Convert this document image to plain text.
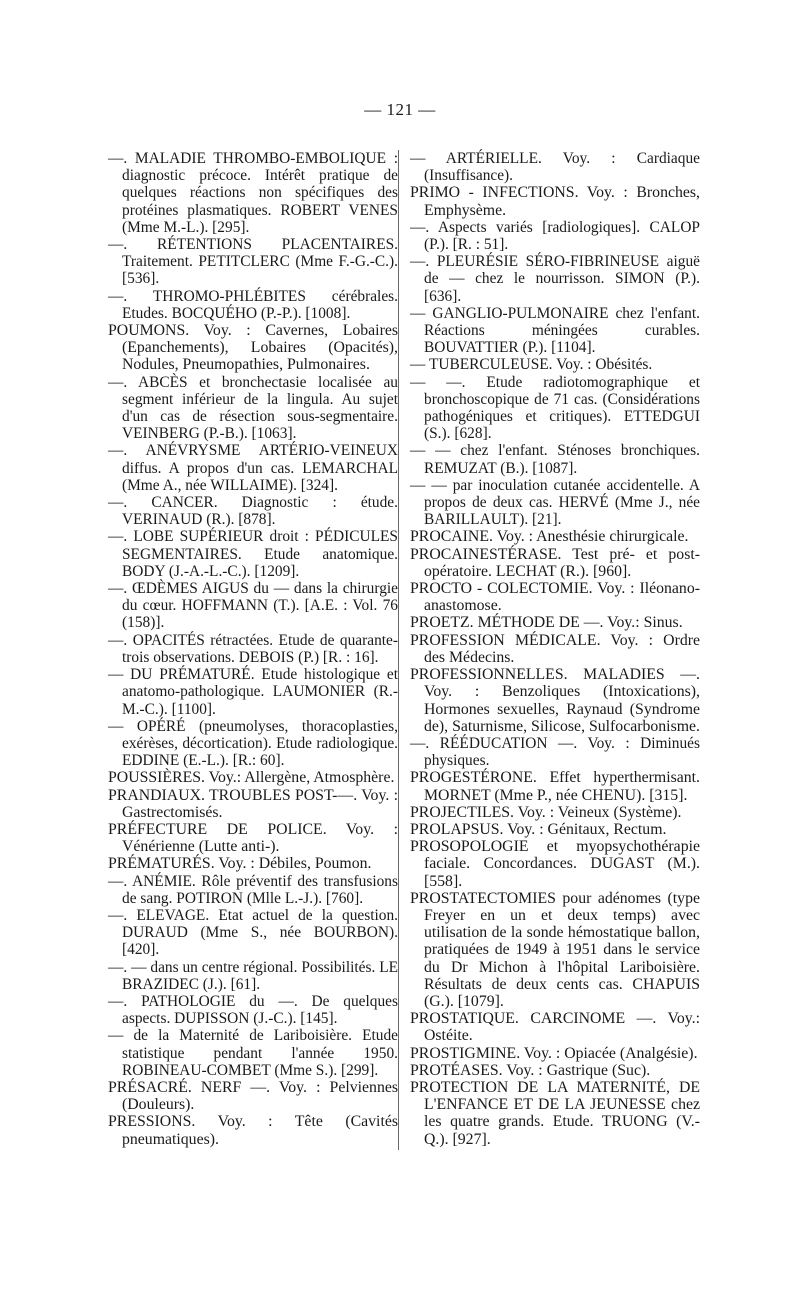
— 121 —

—. MALADIE THROMBO-EMBOLIQUE : diagnostic précoce. Intérêt pratique de quelques réactions non spécifiques des protéines plasmatiques. ROBERT VENES (Mme M.-L.). [295].

—. RÉTENTIONS PLACENTAIRES. Traitement. PETITCLERC (Mme F.-G.-C.). [536].

—. THROMO-PHLÉBITES cérébrales. Etudes. BOCQUÉHO (P.-P.). [1008].

POUMONS. Voy. : Cavernes, Lobaires (Epanchements), Lobaires (Opacités), Nodules, Pneumopathies, Pulmonaires.

—. ABCÈS et bronchectasie localisée au segment inférieur de la lingula. Au sujet d'un cas de résection sous-segmentaire. VEINBERG (P.-B.). [1063].

—. ANÉVRYSME ARTÉRIO-VEINEUX diffus. A propos d'un cas. LEMARCHAL (Mme A., née WILLAIME). [324].

—. CANCER. Diagnostic : étude. VERINAUD (R.). [878].

—. LOBE SUPÉRIEUR droit : PÉDICULES SEGMENTAIRES. Etude anatomique. BODY (J.-A.-L.-C.). [1209].

—. ŒDÈMES AIGUS du — dans la chirurgie du cœur. HOFFMANN (T.). [A.E. : Vol. 76 (158)].

—. OPACITÉS rétractées. Etude de quarante-trois observations. DEBOIS (P.) [R. : 16].

— DU PRÉMATURÉ. Etude histologique et anatomo-pathologique. LAUMONIER (R.-M.-C.). [1100].

— OPÉRÉ (pneumolyses, thoracoplasties, exérèses, décortication). Etude radiologique. EDDINE (E.-L.). [R.: 60].

POUSSIÈRES. Voy.: Allergène, Atmosphère.

PRANDIAUX. TROUBLES POST-—. Voy. : Gastrectomisés.

PRÉFECTURE DE POLICE. Voy. : Vénérienne (Lutte anti-).

PRÉMATURÉS. Voy. : Débiles, Poumon.

—. ANÉMIE. Rôle préventif des transfusions de sang. POTIRON (Mlle L.-J.). [760].

—. ELEVAGE. Etat actuel de la question. DURAUD (Mme S., née BOURBON). [420].

—. — dans un centre régional. Possibilités. LE BRAZIDEC (J.). [61].

—. PATHOLOGIE du —. De quelques aspects. DUPISSON (J.-C.). [145].

— de la Maternité de Lariboisière. Etude statistique pendant l'année 1950. ROBINEAU-COMBET (Mme S.). [299].

PRÉSACRÉ. NERF —. Voy. : Pelviennes (Douleurs).

PRESSIONS. Voy. : Tête (Cavités pneumatiques).

— ARTÉRIELLE. Voy. : Cardiaque (Insuffisance).

PRIMO - INFECTIONS. Voy. : Bronches, Emphysème.

—. Aspects variés [radiologiques]. CALOP (P.). [R. : 51].

—. PLEURÉSIE SÉRO-FIBRINEUSE aiguë de — chez le nourrisson. SIMON (P.). [636].

— GANGLIO-PULMONAIRE chez l'enfant. Réactions méningées curables. BOUVATTIER (P.). [1104].

— TUBERCULEUSE. Voy. : Obésités.

— —. Etude radiotomographique et bronchoscopique de 71 cas. (Considérations pathogéniques et critiques). ETTEDGUI (S.). [628].

— — chez l'enfant. Sténoses bronchiques. REMUZAT (B.). [1087].

— — par inoculation cutanée accidentelle. A propos de deux cas. HERVÉ (Mme J., née BARILLAULT). [21].

PROCAINE. Voy. : Anesthésie chirurgicale.

PROCAINESTÉRASE. Test pré- et post-opératoire. LECHAT (R.). [960].

PROCTO - COLECTOMIE. Voy. : Iléonano-anastomose.

PROETZ. MÉTHODE DE —. Voy.: Sinus.

PROFESSION MÉDICALE. Voy. : Ordre des Médecins.

PROFESSIONNELLES. MALADIES —. Voy. : Benzoliques (Intoxications), Hormones sexuelles, Raynaud (Syndrome de), Saturnisme, Silicose, Sulfocarbonisme.

—. RÉÉDUCATION —. Voy. : Diminués physiques.

PROGESTÉRONE. Effet hyperthermisant. MORNET (Mme P., née CHENU). [315].

PROJECTILES. Voy. : Veineux (Système).

PROLAPSUS. Voy. : Génitaux, Rectum.

PROSOPOLOGIE et myopsychothérapie faciale. Concordances. DUGAST (M.). [558].

PROSTATECTOMIES pour adénomes (type Freyer en un et deux temps) avec utilisation de la sonde hémostatique ballon, pratiquées de 1949 à 1951 dans le service du Dr Michon à l'hôpital Lariboisière. Résultats de deux cents cas. CHAPUIS (G.). [1079].

PROSTATIQUE. CARCINOME —. Voy.: Ostéite.

PROSTIGMINE. Voy. : Opiacée (Analgésie).

PROTÉASES. Voy. : Gastrique (Suc).

PROTECTION DE LA MATERNITÉ, DE L'ENFANCE ET DE LA JEUNESSE chez les quatre grands. Etude. TRUONG (V.-Q.). [927].
